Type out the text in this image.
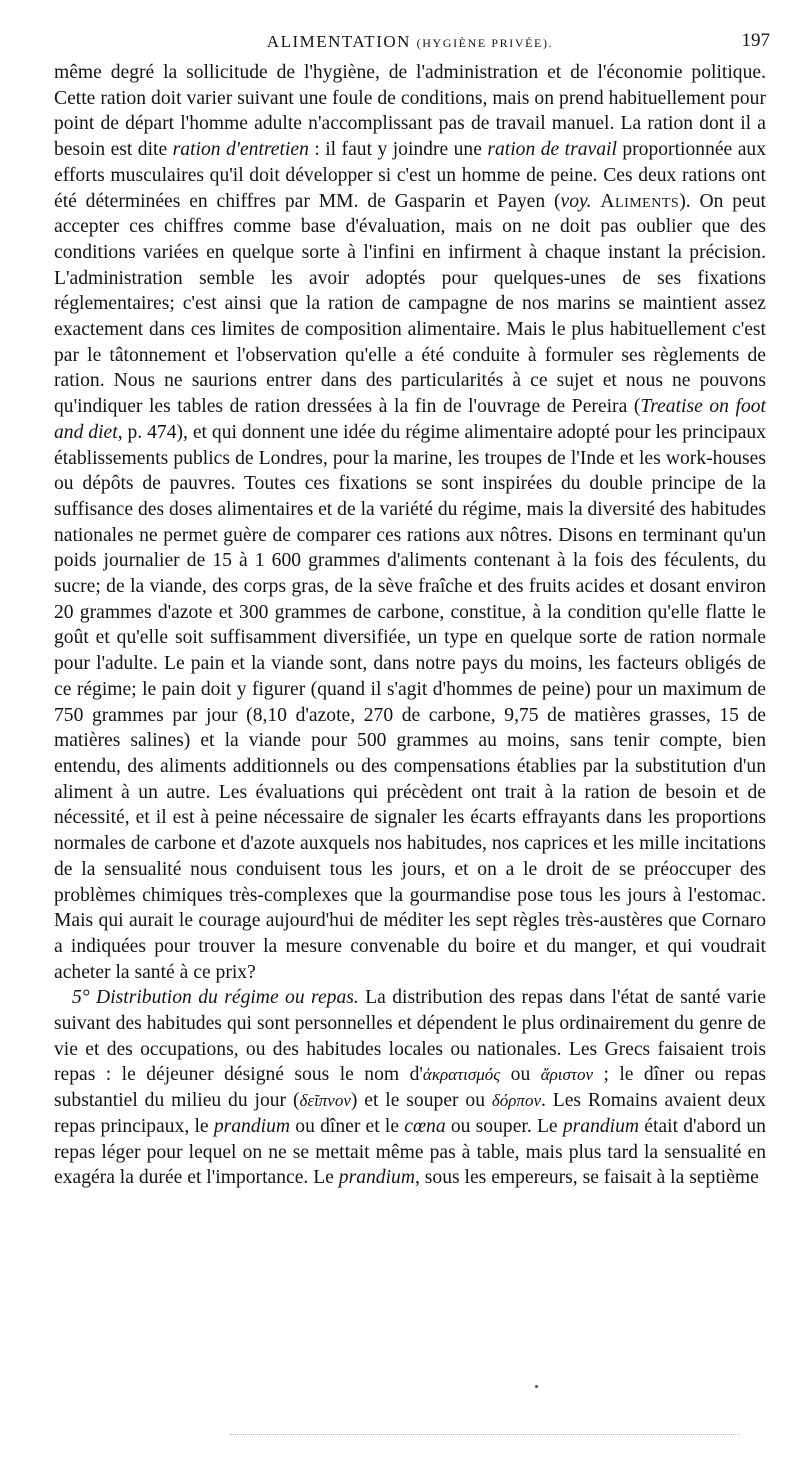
ALIMENTATION (HYGIÈNE PRIVÉE).	197

même degré la sollicitude de l'hygiène, de l'administration et de l'économie politique. Cette ration doit varier suivant une foule de conditions, mais on prend habituellement pour point de départ l'homme adulte n'accomplissant pas de travail manuel. La ration dont il a besoin est dite ration d'entretien : il faut y joindre une ration de travail proportionnée aux efforts musculaires qu'il doit développer si c'est un homme de peine. Ces deux rations ont été déterminées en chiffres par MM. de Gasparin et Payen (voy. Aliments). On peut accepter ces chiffres comme base d'évaluation, mais on ne doit pas oublier que des conditions variées en quelque sorte à l'infini en infirment à chaque instant la précision. L'administration semble les avoir adoptés pour quelques-unes de ses fixations réglementaires; c'est ainsi que la ration de campagne de nos marins se maintient assez exactement dans ces limites de composition alimentaire. Mais le plus habituellement c'est par le tâtonnement et l'observation qu'elle a été conduite à formuler ses règlements de ration. Nous ne saurions entrer dans des particularités à ce sujet et nous ne pouvons qu'indiquer les tables de ration dressées à la fin de l'ouvrage de Pereira (Treatise on foot and diet, p. 474), et qui donnent une idée du régime alimentaire adopté pour les principaux établissements publics de Londres, pour la marine, les troupes de l'Inde et les work-houses ou dépôts de pauvres. Toutes ces fixations se sont inspirées du double principe de la suffisance des doses alimentaires et de la variété du régime, mais la diversité des habitudes nationales ne permet guère de comparer ces rations aux nôtres. Disons en terminant qu'un poids journalier de 15 à 1 600 grammes d'aliments contenant à la fois des féculents, du sucre; de la viande, des corps gras, de la sève fraîche et des fruits acides et dosant environ 20 grammes d'azote et 300 grammes de carbone, constitue, à la condition qu'elle flatte le goût et qu'elle soit suffisamment diversifiée, un type en quelque sorte de ration normale pour l'adulte. Le pain et la viande sont, dans notre pays du moins, les facteurs obligés de ce régime; le pain doit y figurer (quand il s'agit d'hommes de peine) pour un maximum de 750 grammes par jour (8,10 d'azote, 270 de carbone, 9,75 de matières grasses, 15 de matières salines) et la viande pour 500 grammes au moins, sans tenir compte, bien entendu, des aliments additionnels ou des compensations établies par la substitution d'un aliment à un autre. Les évaluations qui précèdent ont trait à la ration de besoin et de nécessité, et il est à peine nécessaire de signaler les écarts effrayants dans les proportions normales de carbone et d'azote auxquels nos habitudes, nos caprices et les mille incitations de la sensualité nous conduisent tous les jours, et on a le droit de se préoccuper des problèmes chimiques très-complexes que la gourmandise pose tous les jours à l'estomac. Mais qui aurait le courage aujourd'hui de méditer les sept règles très-austères que Cornaro a indiquées pour trouver la mesure convenable du boire et du manger, et qui voudrait acheter la santé à ce prix?

5° Distribution du régime ou repas. La distribution des repas dans l'état de santé varie suivant des habitudes qui sont personnelles et dépendent le plus ordinairement du genre de vie et des occupations, ou des habitudes locales ou nationales. Les Grecs faisaient trois repas : le déjeuner désigné sous le nom d'ἀκρατισμός ou ἄριστον ; le dîner ou repas substantiel du milieu du jour (δεῖπνον) et le souper ou δόρπον. Les Romains avaient deux repas principaux, le prandium ou dîner et le cœna ou souper. Le prandium était d'abord un repas léger pour lequel on ne se mettait même pas à table, mais plus tard la sensualité en exagéra la durée et l'importance. Le prandium, sous les empereurs, se faisait à la septième
